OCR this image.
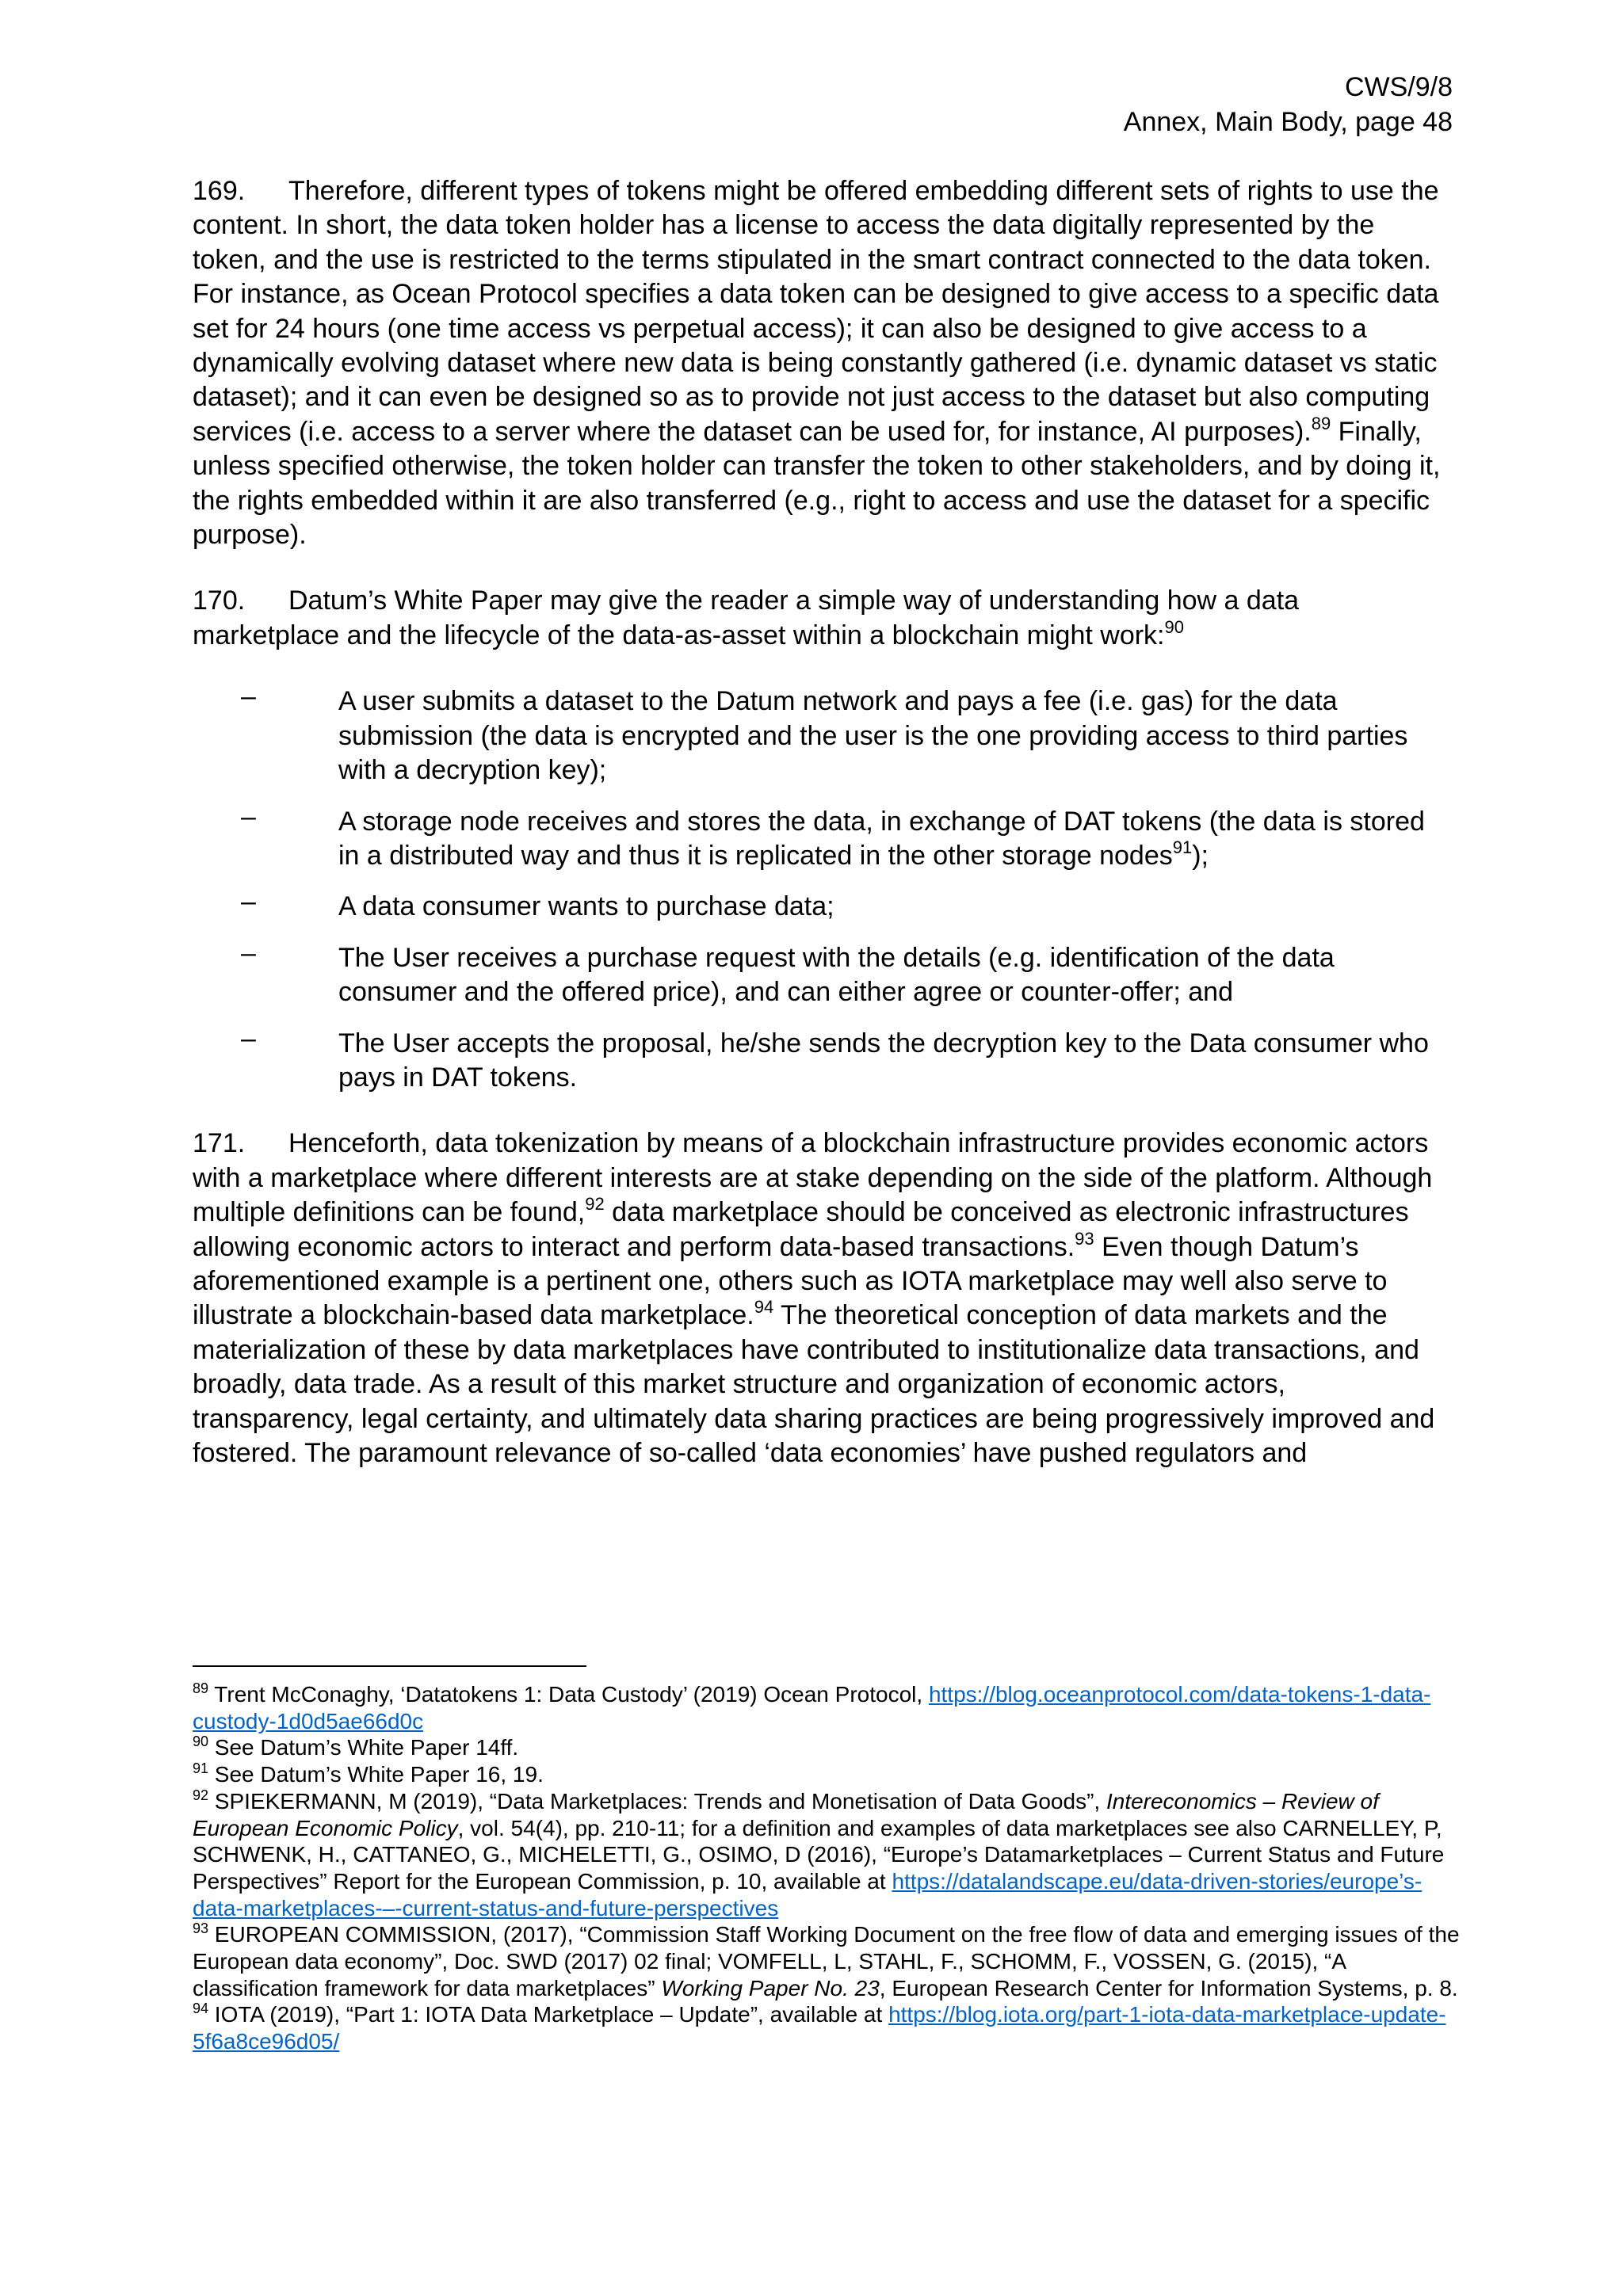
CWS/9/8
Annex, Main Body, page 48

169. Therefore, different types of tokens might be offered embedding different sets of rights to use the content. In short, the data token holder has a license to access the data digitally represented by the token, and the use is restricted to the terms stipulated in the smart contract connected to the data token. For instance, as Ocean Protocol specifies a data token can be designed to give access to a specific data set for 24 hours (one time access vs perpetual access); it can also be designed to give access to a dynamically evolving dataset where new data is being constantly gathered (i.e. dynamic dataset vs static dataset); and it can even be designed so as to provide not just access to the dataset but also computing services (i.e. access to a server where the dataset can be used for, for instance, AI purposes).$^{89}$ Finally, unless specified otherwise, the token holder can transfer the token to other stakeholders, and by doing it, the rights embedded within it are also transferred (e.g., right to access and use the dataset for a specific purpose).

170. Datum’s White Paper may give the reader a simple way of understanding how a data marketplace and the lifecycle of the data-as-asset within a blockchain might work:$^{90}$

–	A user submits a dataset to the Datum network and pays a fee (i.e. gas) for the data submission (the data is encrypted and the user is the one providing access to third parties with a decryption key);
–	A storage node receives and stores the data, in exchange of DAT tokens (the data is stored in a distributed way and thus it is replicated in the other storage nodes$^{91}$);
–	A data consumer wants to purchase data;
–	The User receives a purchase request with the details (e.g. identification of the data consumer and the offered price), and can either agree or counter-offer; and
–	The User accepts the proposal, he/she sends the decryption key to the Data consumer who pays in DAT tokens.

171. Henceforth, data tokenization by means of a blockchain infrastructure provides economic actors with a marketplace where different interests are at stake depending on the side of the platform. Although multiple definitions can be found,$^{92}$ data marketplace should be conceived as electronic infrastructures allowing economic actors to interact and perform data-based transactions.$^{93}$ Even though Datum’s aforementioned example is a pertinent one, others such as IOTA marketplace may well also serve to illustrate a blockchain-based data marketplace.$^{94}$ The theoretical conception of data markets and the materialization of these by data marketplaces have contributed to institutionalize data transactions, and broadly, data trade. As a result of this market structure and organization of economic actors, transparency, legal certainty, and ultimately data sharing practices are being progressively improved and fostered. The paramount relevance of so-called ‘data economies’ have pushed regulators and

$^{89}$ Trent McConaghy, ‘Datatokens 1: Data Custody’ (2019) Ocean Protocol, https://blog.oceanprotocol.com/data-tokens-1-data-custody-1d0d5ae66d0c

$^{90}$ See Datum’s White Paper 14ff.

$^{91}$ See Datum’s White Paper 16, 19.

$^{92}$ SPIEKERMANN, M (2019), “Data Marketplaces: Trends and Monetisation of Data Goods”, Intereconomics – Review of European Economic Policy, vol. 54(4), pp. 210-11; for a definition and examples of data marketplaces see also CARNELLEY, P, SCHWENK, H., CATTANEO, G., MICHELETTI, G., OSIMO, D (2016), “Europe’s Datamarketplaces – Current Status and Future Perspectives” Report for the European Commission, p. 10, available at https://datalandscape.eu/data-driven-stories/europe’s-data-marketplaces-–-current-status-and-future-perspectives

$^{93}$ EUROPEAN COMMISSION, (2017), “Commission Staff Working Document on the free flow of data and emerging issues of the European data economy”, Doc. SWD (2017) 02 final; VOMFELL, L, STAHL, F., SCHOMM, F., VOSSEN, G. (2015), “A classification framework for data marketplaces” Working Paper No. 23, European Research Center for Information Systems, p. 8.

$^{94}$ IOTA (2019), “Part 1: IOTA Data Marketplace – Update”, available at https://blog.iota.org/part-1-iota-data-marketplace-update-5f6a8ce96d05/
